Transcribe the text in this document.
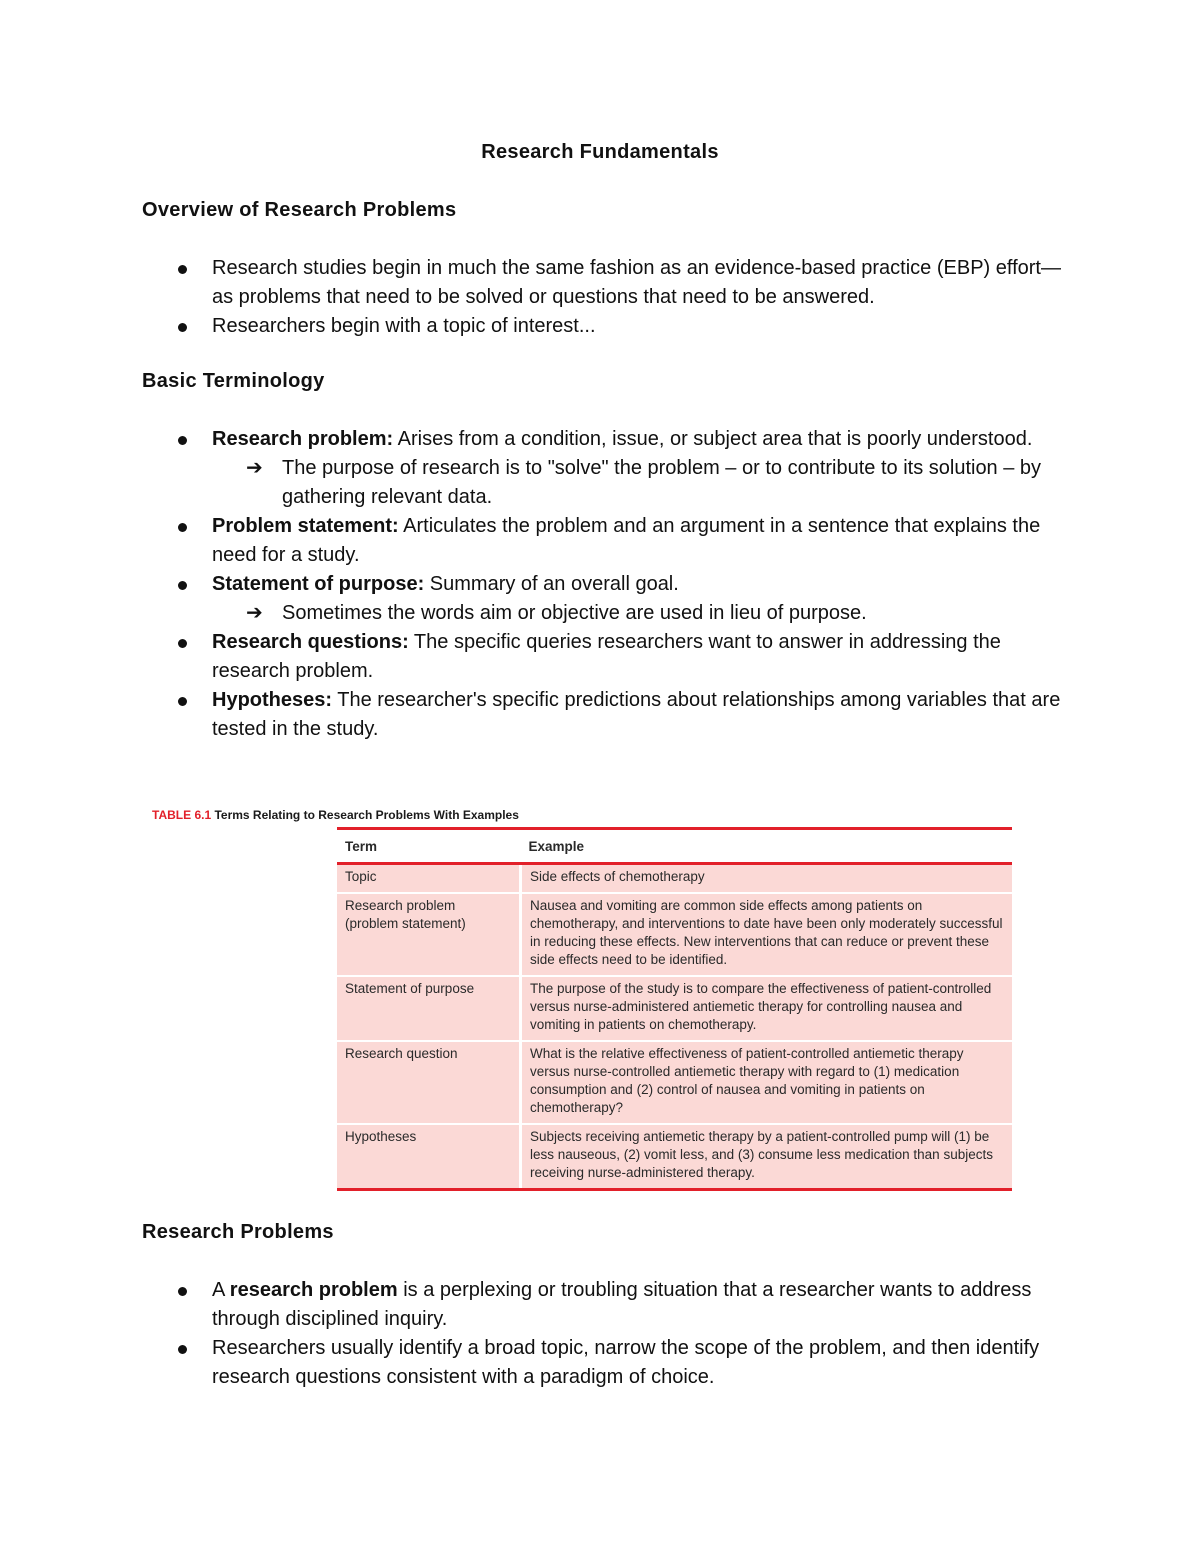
Research Fundamentals
Overview of Research Problems
Research studies begin in much the same fashion as an evidence-based practice (EBP) effort—as problems that need to be solved or questions that need to be answered.
Researchers begin with a topic of interest...
Basic Terminology
Research problem: Arises from a condition, issue, or subject area that is poorly understood.
➔ The purpose of research is to "solve" the problem – or to contribute to its solution – by gathering relevant data.
Problem statement: Articulates the problem and an argument in a sentence that explains the need for a study.
Statement of purpose: Summary of an overall goal.
➔ Sometimes the words aim or objective are used in lieu of purpose.
Research questions: The specific queries researchers want to answer in addressing the research problem.
Hypotheses: The researcher's specific predictions about relationships among variables that are tested in the study.
TABLE 6.1 Terms Relating to Research Problems With Examples
Term	Example
Topic	Side effects of chemotherapy
Research problem (problem statement)	Nausea and vomiting are common side effects among patients on chemotherapy, and interventions to date have been only moderately successful in reducing these effects. New interventions that can reduce or prevent these side effects need to be identified.
Statement of purpose	The purpose of the study is to compare the effectiveness of patient-controlled versus nurse-administered antiemetic therapy for controlling nausea and vomiting in patients on chemotherapy.
Research question	What is the relative effectiveness of patient-controlled antiemetic therapy versus nurse-controlled antiemetic therapy with regard to (1) medication consumption and (2) control of nausea and vomiting in patients on chemotherapy?
Hypotheses	Subjects receiving antiemetic therapy by a patient-controlled pump will (1) be less nauseous, (2) vomit less, and (3) consume less medication than subjects receiving nurse-administered therapy.
Research Problems
A research problem is a perplexing or troubling situation that a researcher wants to address through disciplined inquiry.
Researchers usually identify a broad topic, narrow the scope of the problem, and then identify research questions consistent with a paradigm of choice.
